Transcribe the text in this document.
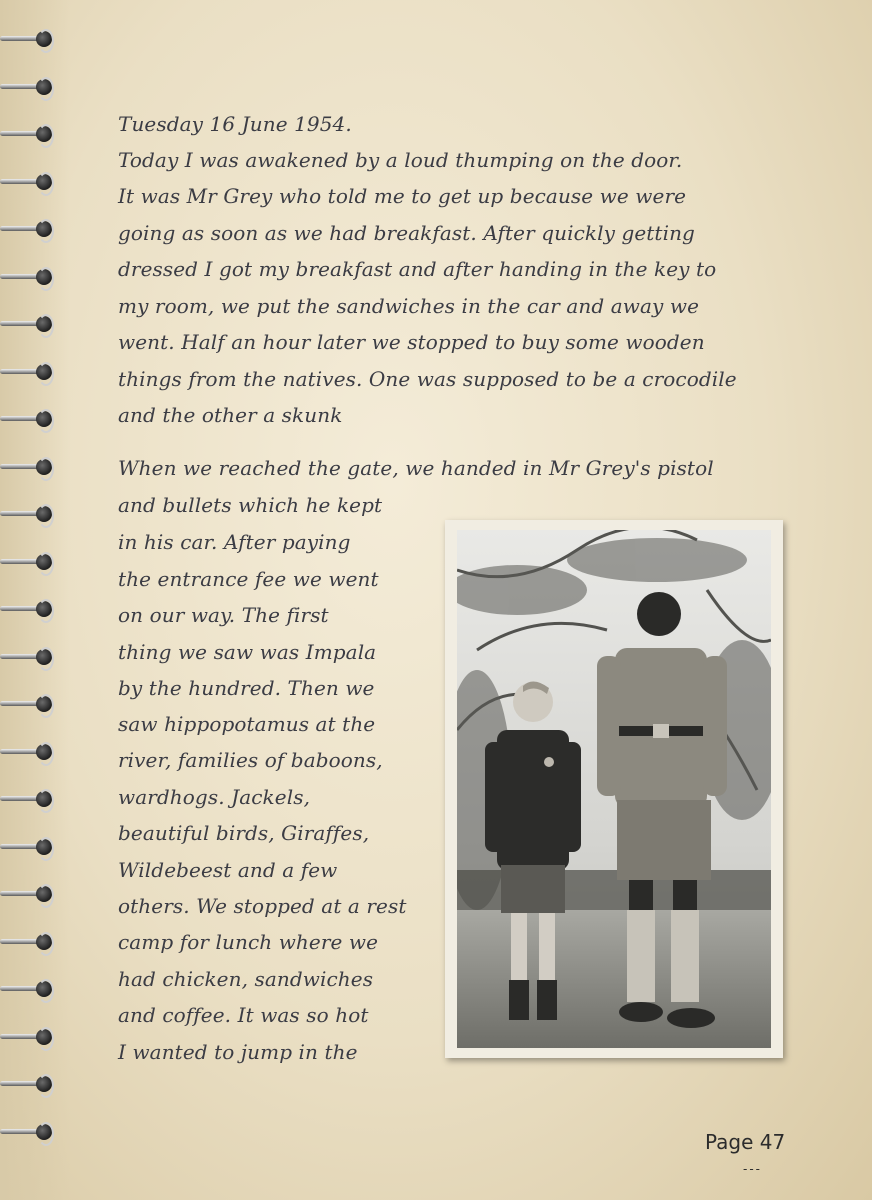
Tuesday 16 June 1954.

Today I was awakened by a loud thumping on the door.

It was Mr Grey who told me to get up because we were

going as soon as we had breakfast. After quickly getting

dressed I got my breakfast and after handing in the key to

my room, we put the sandwiches in the car and away we

went. Half an hour later we stopped to buy some wooden

things from the natives. One was supposed to be a crocodile

and the other a skunk

When we reached the gate, we handed in Mr Grey's pistol

and bullets which he kept

in his car. After paying

the entrance fee we went

on our way. The first

thing we saw was Impala

by the hundred. Then we

saw hippopotamus at the

river, families of baboons,

wardhogs. Jackels,

beautiful birds, Giraffes,

Wildebeest and a few

others. We stopped at a rest

camp for lunch where we

had chicken, sandwiches

and coffee. It was so hot

I wanted to jump in the

Page 47
---
